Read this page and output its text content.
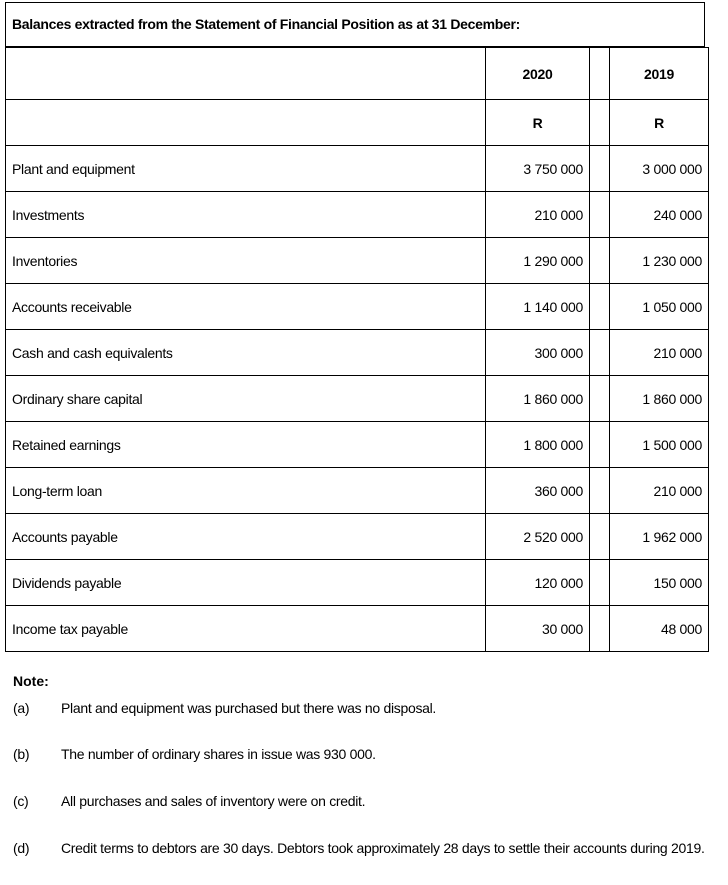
Balances extracted from the Statement of Financial Position as at 31 December:
	2020		2019
	R		R
Plant and equipment	3 750 000		3 000 000
Investments	210 000		240 000
Inventories	1 290 000		1 230 000
Accounts receivable	1 140 000		1 050 000
Cash and cash equivalents	300 000		210 000
Ordinary share capital	1 860 000		1 860 000
Retained earnings	1 800 000		1 500 000
Long-term loan	360 000		210 000
Accounts payable	2 520 000		1 962 000
Dividends payable	120 000		150 000
Income tax payable	30 000		48 000
Note:
(a) Plant and equipment was purchased but there was no disposal.
(b) The number of ordinary shares in issue was 930 000.
(c) All purchases and sales of inventory were on credit.
(d) Credit terms to debtors are 30 days. Debtors took approximately 28 days to settle their accounts during 2019.
